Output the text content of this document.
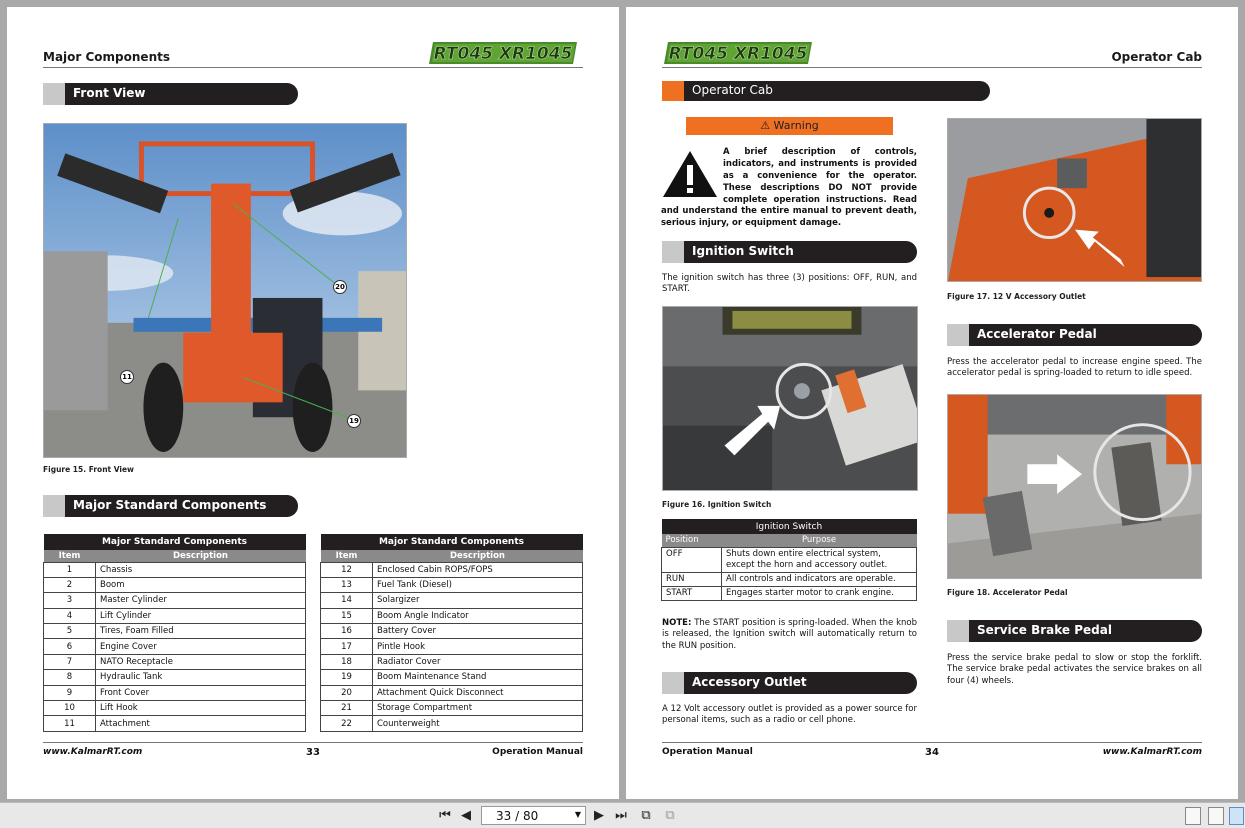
Major Components	RT045 XR1045
Front View
20
11
19
Figure 15. Front View
Major Standard Components
Major Standard Components	
Item	Description
1	Chassis
2	Boom
3	Master Cylinder
4	Lift Cylinder
5	Tires, Foam Filled
6	Engine Cover
7	NATO Receptacle
8	Hydraulic Tank
9	Front Cover
10	Lift Hook
11	Attachment
Major Standard Components	
Item	Description
12	Enclosed Cabin ROPS/FOPS
13	Fuel Tank (Diesel)
14	Solargizer
15	Boom Angle Indicator
16	Battery Cover
17	Pintle Hook
18	Radiator Cover
19	Boom Maintenance Stand
20	Attachment Quick Disconnect
21	Storage Compartment
22	Counterweight
www.KalmarRT.com	33	Operation Manual
RT045 XR1045	Operator Cab
Operator Cab
⚠ Warning
A brief description of controls, indicators, and instruments is provided as a convenience for the operator. These descriptions DO NOT provide complete operation instructions. Read and understand the entire manual to prevent death, serious injury, or equipment damage.
Ignition Switch
The ignition switch has three (3) positions: OFF, RUN, and START.
Figure 16. Ignition Switch
Ignition Switch	
Position	Purpose
OFF	Shuts down entire electrical system, except the horn and accessory outlet.
RUN	All controls and indicators are operable.
START	Engages starter motor to crank engine.
NOTE: The START position is spring-loaded. When the knob is released, the Ignition switch will automatically return to the RUN position.
Accessory Outlet
A 12 Volt accessory outlet is provided as a power source for personal items, such as a radio or cell phone.
Figure 17. 12 V Accessory Outlet
Accelerator Pedal
Press the accelerator pedal to increase engine speed. The accelerator pedal is spring-loaded to return to idle speed.
Figure 18. Accelerator Pedal
Service Brake Pedal
Press the service brake pedal to slow or stop the forklift. The service brake pedal activates the service brakes on all four (4) wheels.
Operation Manual	34	www.KalmarRT.com
⏮ ◀ 33 / 80	▼ ▶ ⏭ ⧉ ⧉
